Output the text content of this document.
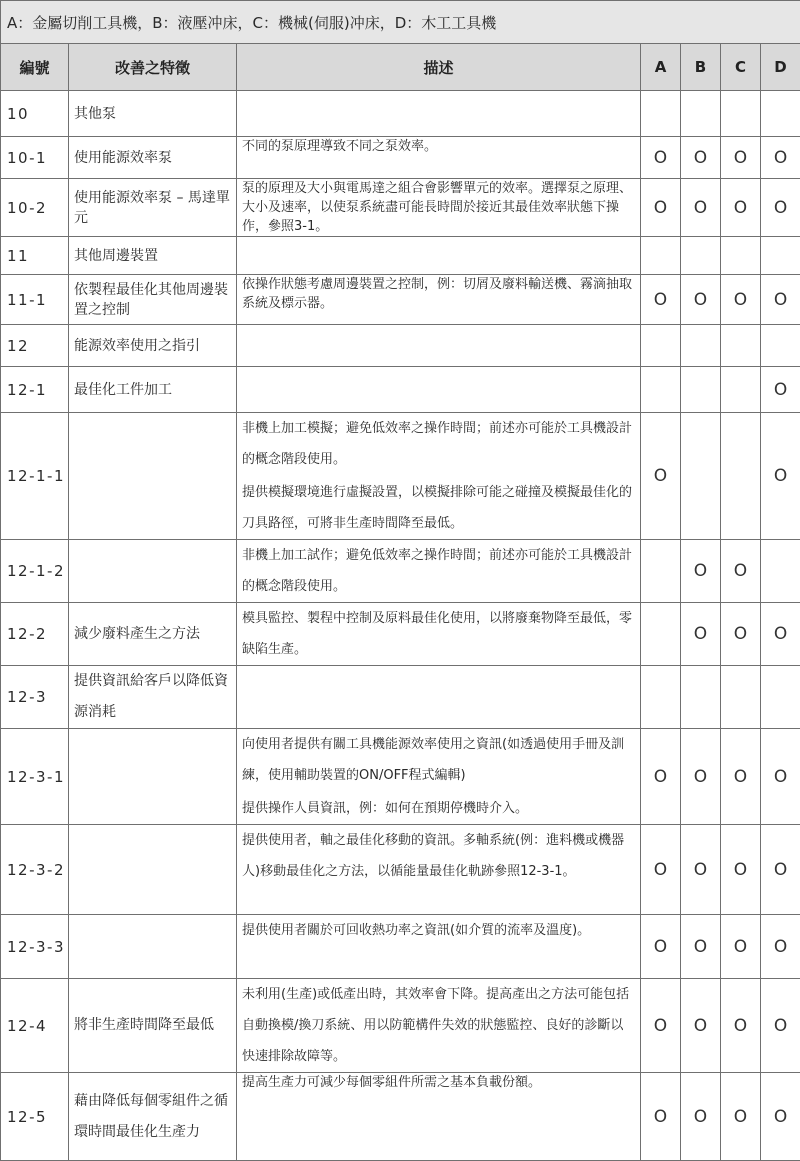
A：金屬切削工具機，B：液壓冲床，C：機械(伺服)冲床，D：木工工具機						
編號	改善之特徵	描述	A	B	C	D
10	其他泵					
10-1	使用能源效率泵	不同的泵原理導致不同之泵效率。	O	O	O	O
10-2	使用能源效率泵 – 馬達單元	泵的原理及大小與電馬達之組合會影響單元的效率。選擇泵之原理、大小及速率，以使泵系統盡可能長時間於接近其最佳效率狀態下操作，參照3-1。	O	O	O	O
11	其他周邊裝置					
11-1	依製程最佳化其他周邊裝置之控制	依操作狀態考慮周邊裝置之控制，例：切屑及廢料輸送機、霧滴抽取系統及標示器。	O	O	O	O
12	能源效率使用之指引					
12-1	最佳化工件加工					O
12-1-1		非機上加工模擬；避免低效率之操作時間；前述亦可能於工具機設計的概念階段使用。
提供模擬環境進行虛擬設置，以模擬排除可能之碰撞及模擬最佳化的刀具路徑，可將非生產時間降至最低。	O			O
12-1-2		非機上加工試作；避免低效率之操作時間；前述亦可能於工具機設計的概念階段使用。		O	O	
12-2	減少廢料產生之方法	模具監控、製程中控制及原料最佳化使用，以將廢棄物降至最低，零缺陷生產。		O	O	O
12-3	提供資訊給客戶以降低資源消耗					
12-3-1		向使用者提供有關工具機能源效率使用之資訊(如透過使用手冊及訓練，使用輔助裝置的ON/OFF程式編輯)
提供操作人員資訊，例：如何在預期停機時介入。	O	O	O	O
12-3-2		提供使用者，軸之最佳化移動的資訊。多軸系統(例：進料機或機器人)移動最佳化之方法，以循能量最佳化軌跡參照12-3-1。	O	O	O	O
12-3-3		提供使用者關於可回收熱功率之資訊(如介質的流率及溫度)。	O	O	O	O
12-4	將非生產時間降至最低	未利用(生產)或低產出時，其效率會下降。提高產出之方法可能包括自動換模/換刀系統、用以防範構件失效的狀態監控、良好的診斷以快速排除故障等。	O	O	O	O
12-5	藉由降低每個零組件之循環時間最佳化生產力	提高生產力可減少每個零組件所需之基本負載份額。	O	O	O	O
